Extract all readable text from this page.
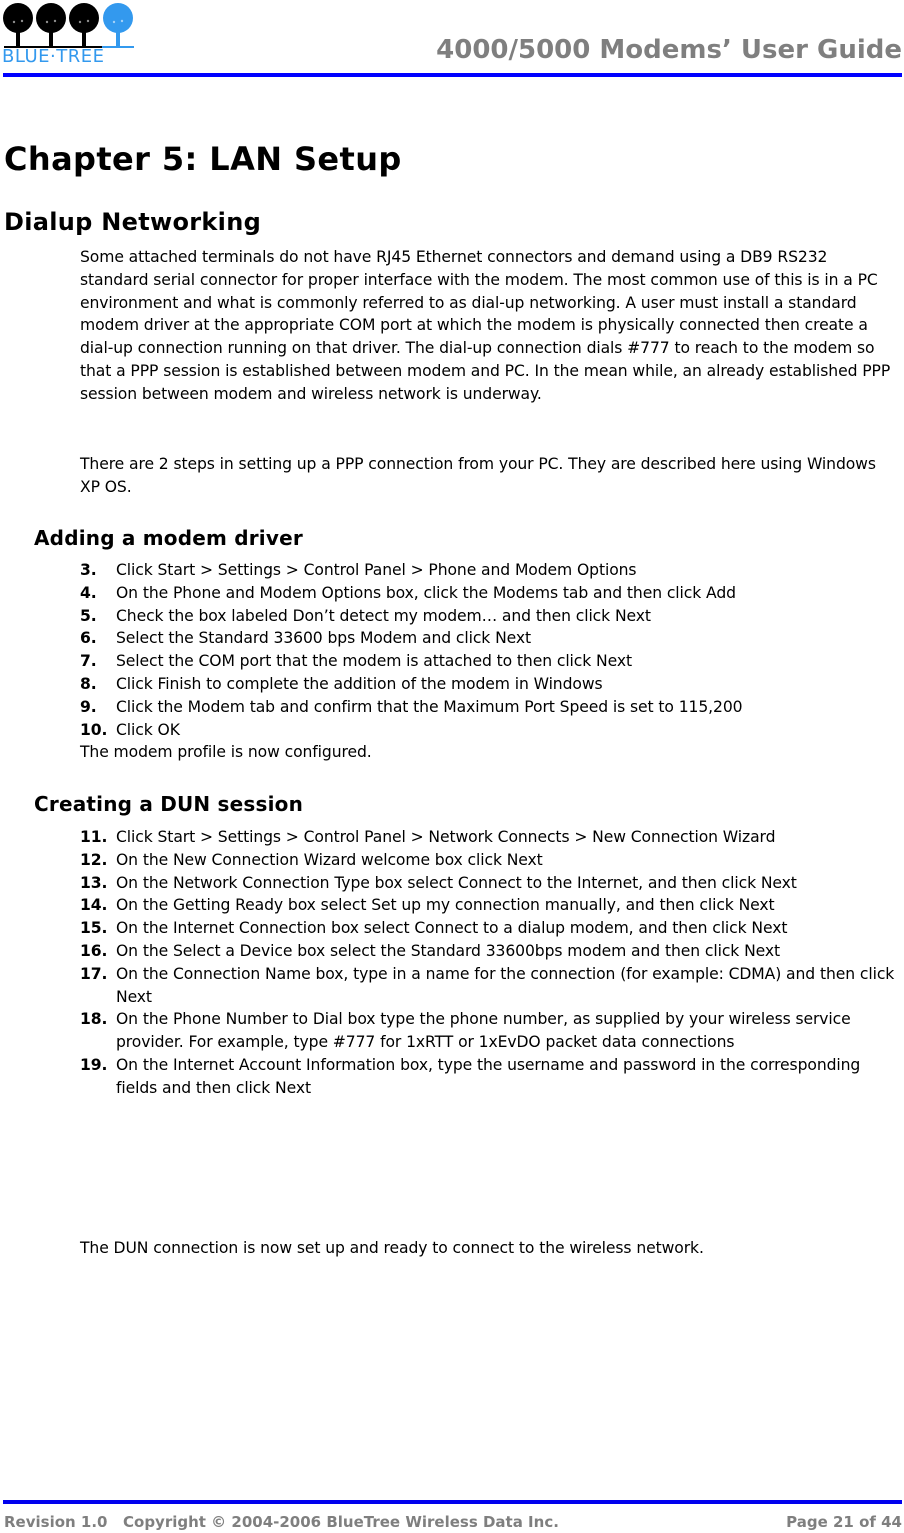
BLUE·TREE	4000/5000 Modems’ User Guide
Chapter 5: LAN Setup
Dialup Networking

Some attached terminals do not have RJ45 Ethernet connectors and demand using a DB9 RS232 standard serial connector for proper interface with the modem. The most common use of this is in a PC environment and what is commonly referred to as dial-up networking. A user must install a standard modem driver at the appropriate COM port at which the modem is physically connected then create a dial-up connection running on that driver. The dial-up connection dials #777 to reach to the modem so that a PPP session is established between modem and PC. In the mean while, an already established PPP session between modem and wireless network is underway.

There are 2 steps in setting up a PPP connection from your PC. They are described here using Windows XP OS.

Adding a modem driver
3. Click Start > Settings > Control Panel > Phone and Modem Options
4. On the Phone and Modem Options box, click the Modems tab and then click Add
5. Check the box labeled Don’t detect my modem… and then click Next
6. Select the Standard 33600 bps Modem and click Next
7. Select the COM port that the modem is attached to then click Next
8. Click Finish to complete the addition of the modem in Windows
9. Click the Modem tab and confirm that the Maximum Port Speed is set to 115,200
10. Click OK

The modem profile is now configured.

Creating a DUN session
11. Click Start > Settings > Control Panel > Network Connects > New Connection Wizard
12. On the New Connection Wizard welcome box click Next
13. On the Network Connection Type box select Connect to the Internet, and then click Next
14. On the Getting Ready box select Set up my connection manually, and then click Next
15. On the Internet Connection box select Connect to a dialup modem, and then click Next
16. On the Select a Device box select the Standard 33600bps modem and then click Next
17. On the Connection Name box, type in a name for the connection (for example: CDMA) and then click Next
18. On the Phone Number to Dial box type the phone number, as supplied by your wireless service provider. For example, type #777 for 1xRTT or 1xEvDO packet data connections
19. On the Internet Account Information box, type the username and password in the corresponding fields and then click Next

The DUN connection is now set up and ready to connect to the wireless network.

Revision 1.0 Copyright © 2004-2006 BlueTree Wireless Data Inc.	Page 21 of 44
